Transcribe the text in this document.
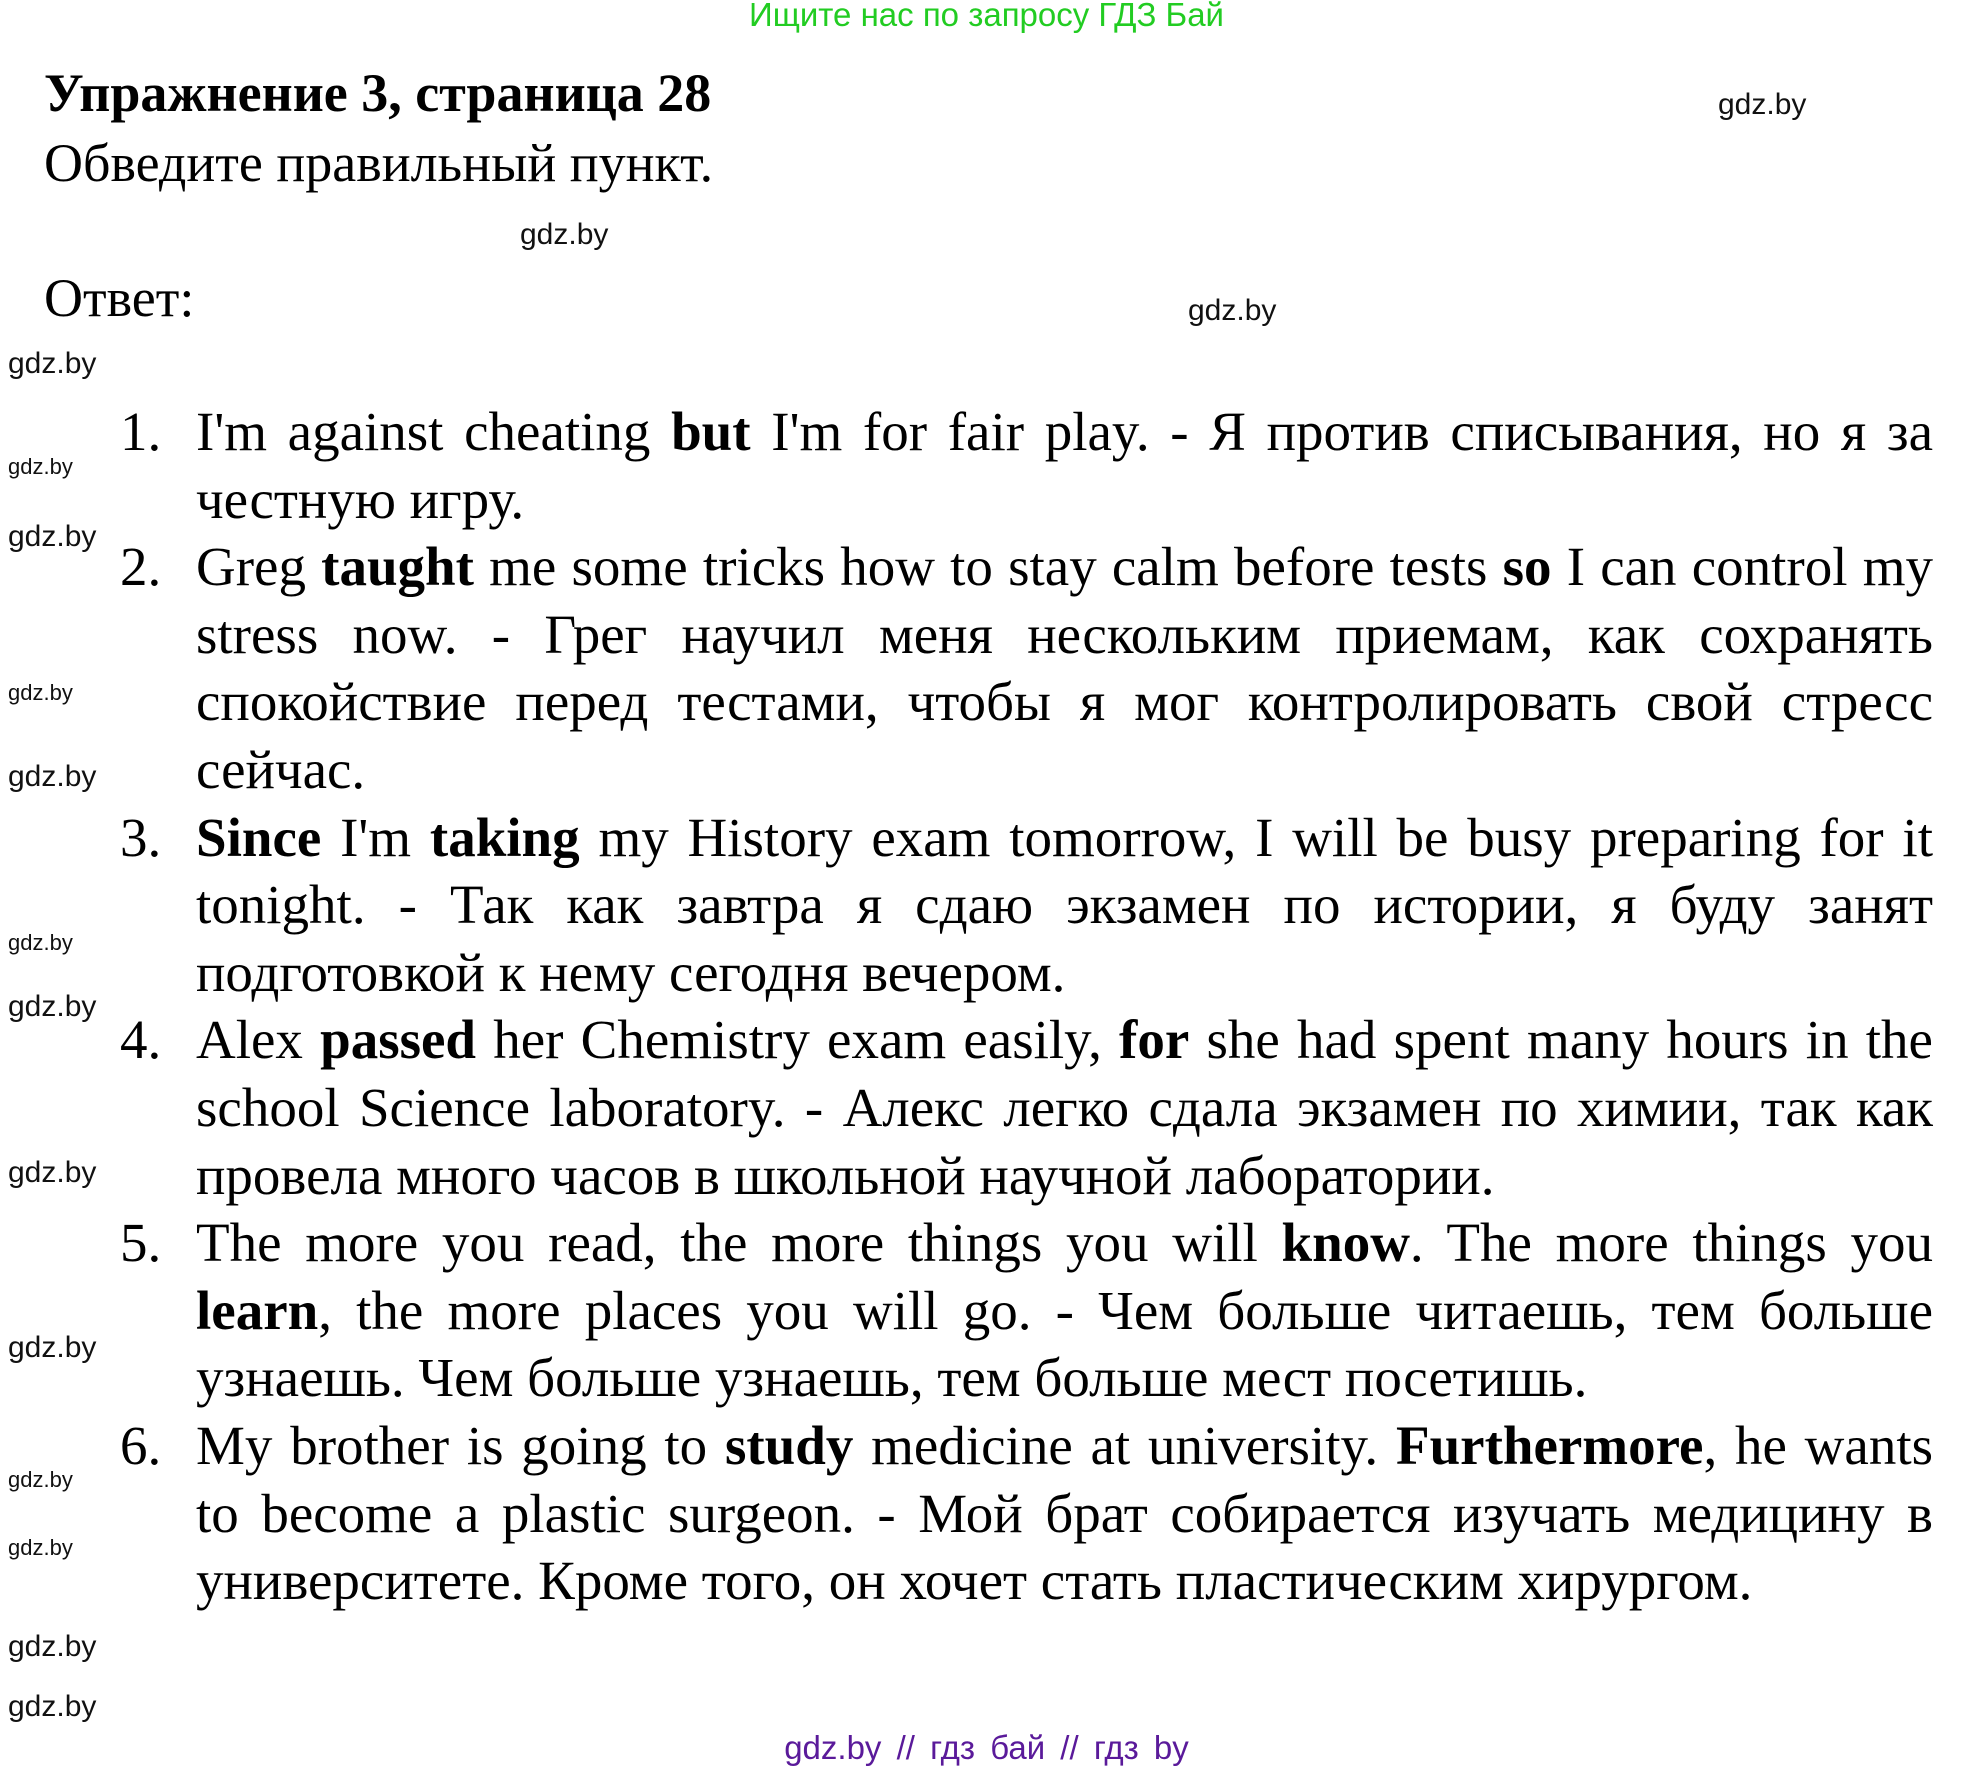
Ищите нас по запросу ГДЗ Бай
Упражнение 3, страница 28
Обведите правильный пункт.
Ответ:
1. I'm against cheating but I'm for fair play. - Я против списывания, но я за честную игру.
2. Greg taught me some tricks how to stay calm before tests so I can control my stress now. - Грег научил меня нескольким приемам, как сохранять спокойствие перед тестами, чтобы я мог контролировать свой стресс сейчас.
3. Since I'm taking my History exam tomorrow, I will be busy preparing for it tonight. - Так как завтра я сдаю экзамен по истории, я буду занят подготовкой к нему сегодня вечером.
4. Alex passed her Chemistry exam easily, for she had spent many hours in the school Science laboratory. - Алекс легко сдала экзамен по химии, так как провела много часов в школьной научной лаборатории.
5. The more you read, the more things you will know. The more things you learn, the more places you will go. - Чем больше читаешь, тем больше узнаешь. Чем больше узнаешь, тем больше мест посетишь.
6. My brother is going to study medicine at university. Furthermore, he wants to become a plastic surgeon. - Мой брат собирается изучать медицину в университете. Кроме того, он хочет стать пластическим хирургом.
gdz.by
gdz.by
gdz.by
gdz.by
gdz.by
gdz.by
gdz.by
gdz.by
gdz.by
gdz.by
gdz.by
gdz.by
gdz.by
gdz.by
gdz.by
gdz.by
gdz.by // гдз бай // гдз by
